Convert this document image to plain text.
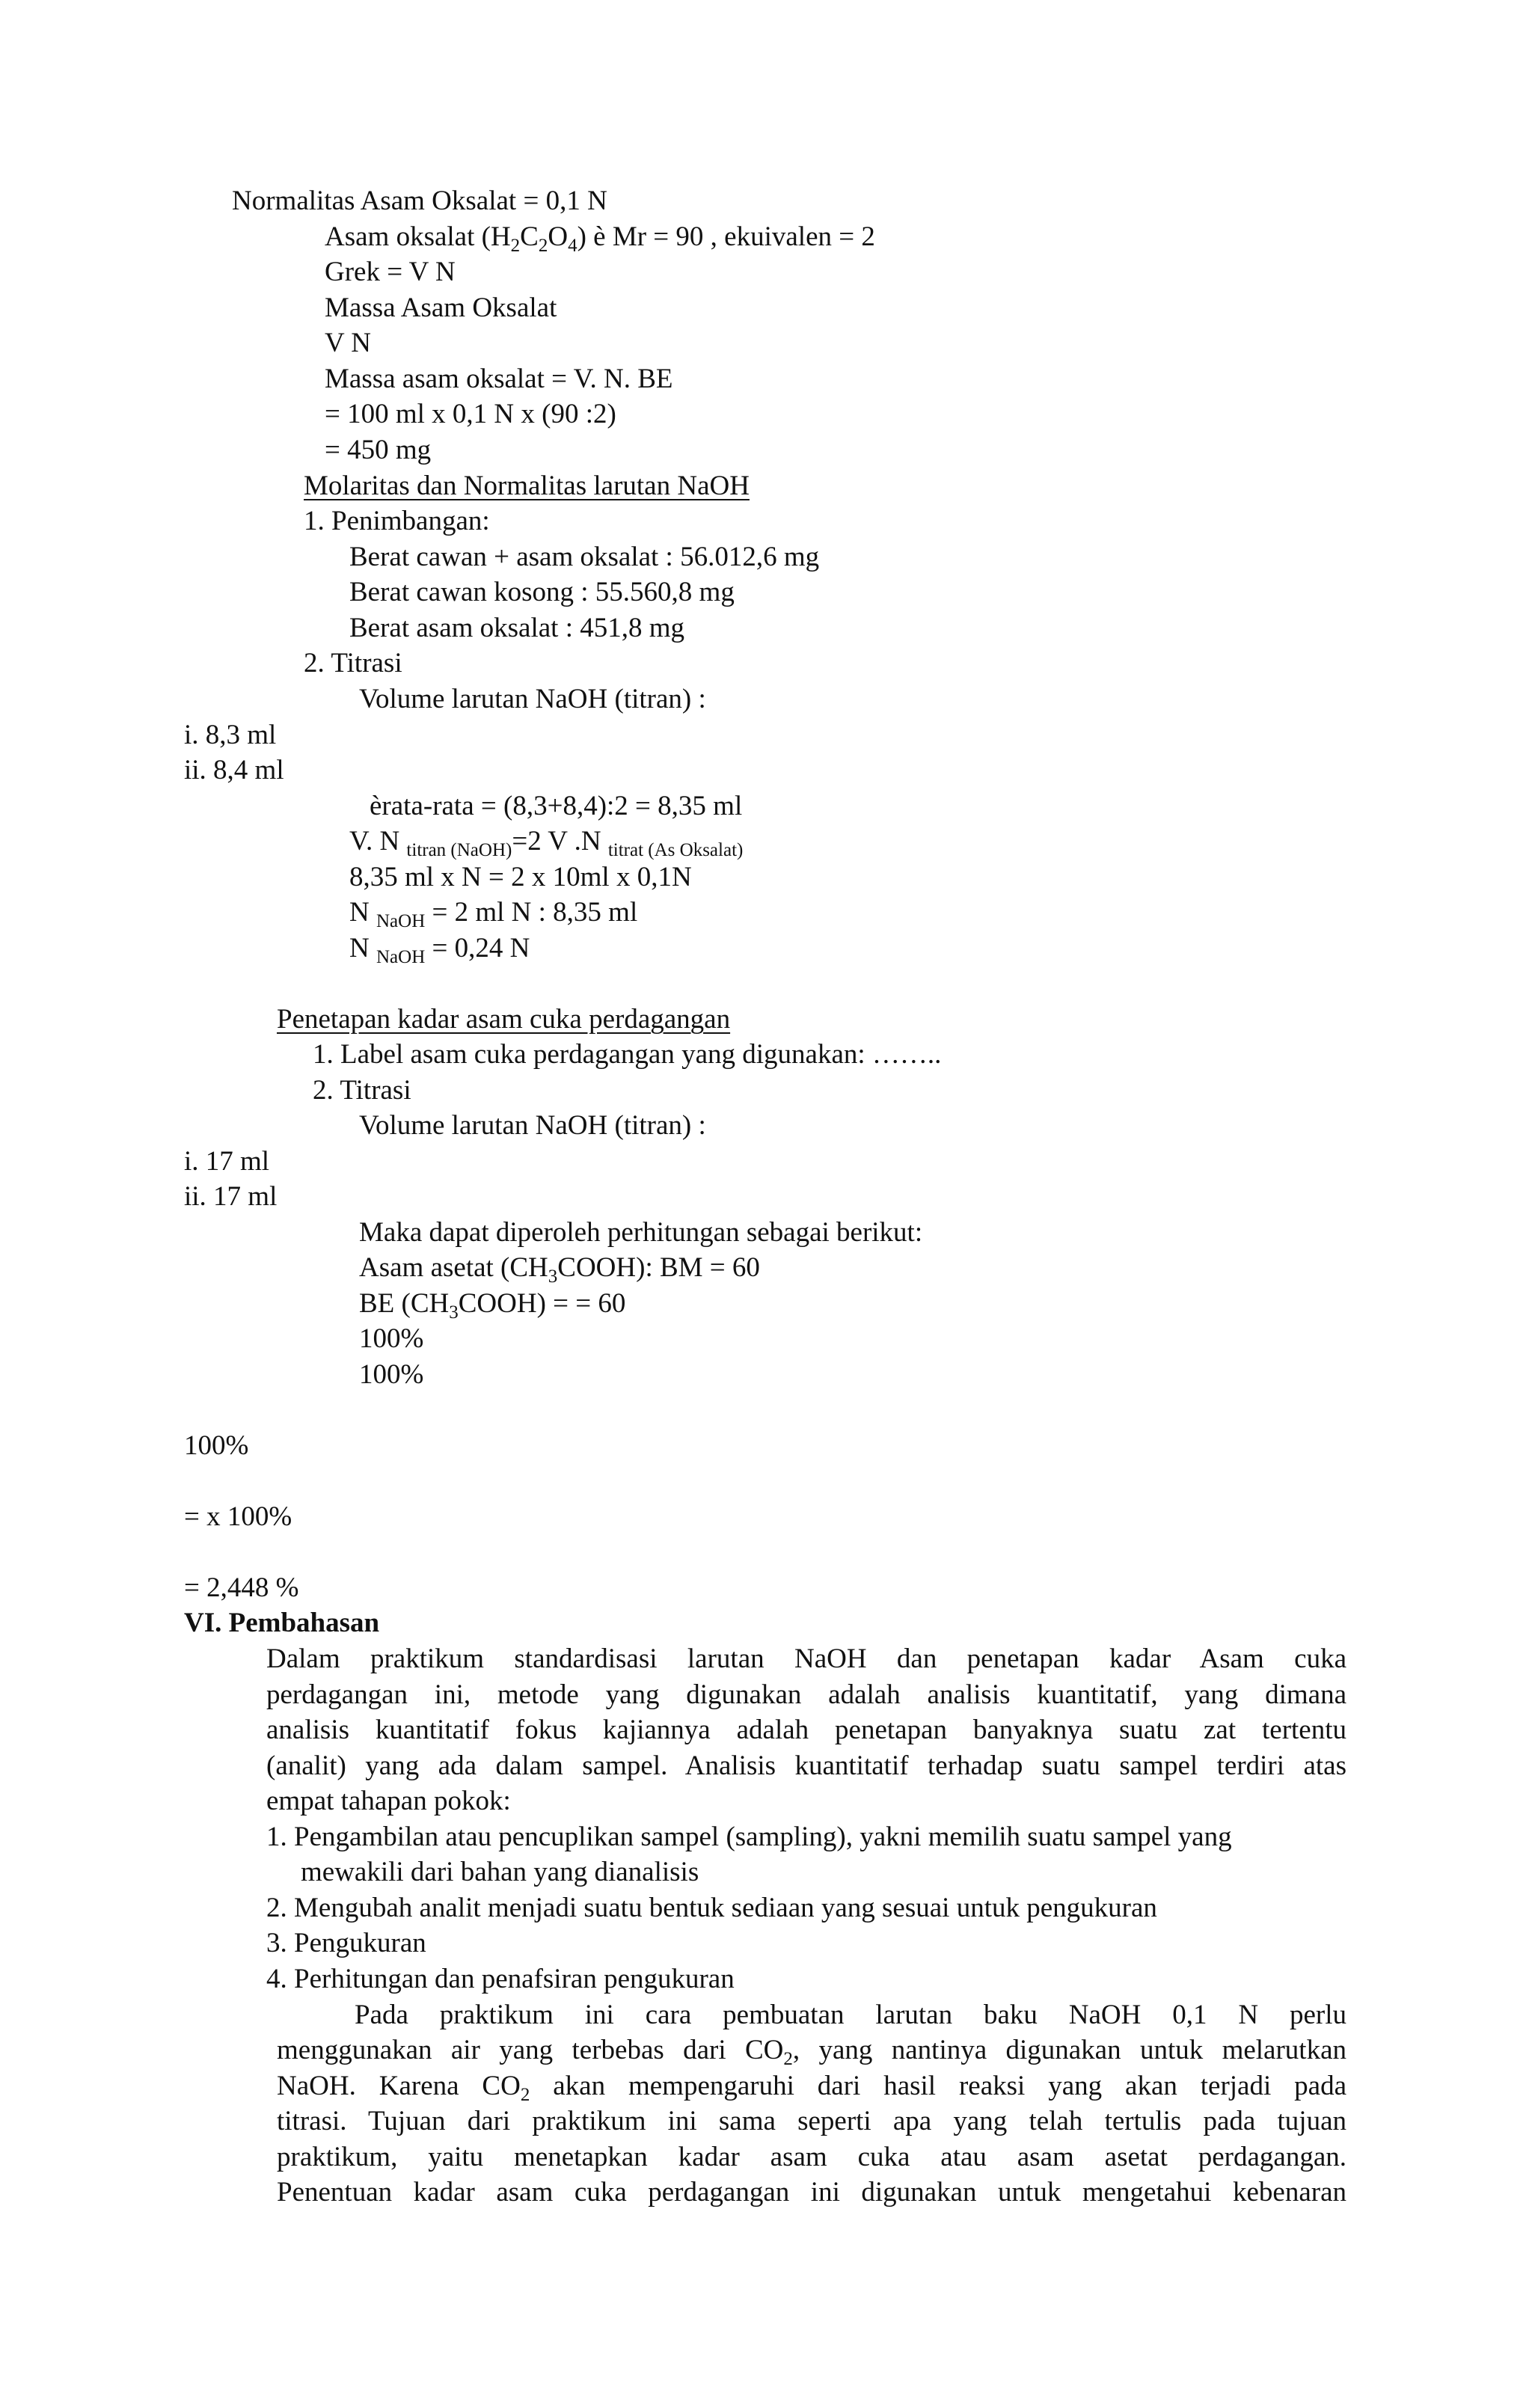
Normalitas Asam Oksalat = 0,1 N
Asam oksalat $(H_2C_2O_4)$ è Mr = 90 , ekuivalen = 2
Grek = V N
Massa Asam Oksalat
V N
Massa asam oksalat = V. N. BE
= 100 ml x 0,1 N x (90 :2)
= 450 mg
Molaritas dan Normalitas larutan NaOH
1. Penimbangan:
Berat cawan + asam oksalat : 56.012,6 mg
Berat cawan kosong : 55.560,8 mg
Berat asam oksalat : 451,8 mg
2. Titrasi
Volume larutan NaOH (titran) :
i. 8,3 ml
ii. 8,4 ml
èrata-rata = (8,3+8,4):2 = 8,35 ml
V. N $_{titran (NaOH)}$=2 V .N $_{titrat (As Oksalat)}$
8,35 ml x N = 2 x 10ml x 0,1N
N $_{NaOH}$ = 2 ml N : 8,35 ml
N $_{NaOH}$ = 0,24 N
Penetapan kadar asam cuka perdagangan
1. Label asam cuka perdagangan yang digunakan: ……..
2. Titrasi
Volume larutan NaOH (titran) :
i. 17 ml
ii. 17 ml
Maka dapat diperoleh perhitungan sebagai berikut:
Asam asetat $(CH_3COOH)$: BM = 60
BE $(CH_3COOH)$ = = 60
100%
100%
100%
= x 100%
= 2,448 %
VI. Pembahasan
Dalam praktikum standardisasi larutan NaOH dan penetapan kadar Asam cuka
perdagangan ini, metode yang digunakan adalah analisis kuantitatif, yang dimana
analisis kuantitatif fokus kajiannya adalah penetapan banyaknya suatu zat tertentu
(analit) yang ada dalam sampel. Analisis kuantitatif terhadap suatu sampel terdiri atas
empat tahapan pokok:
1. Pengambilan atau pencuplikan sampel (sampling), yakni memilih suatu sampel yang
mewakili dari bahan yang dianalisis
2. Mengubah analit menjadi suatu bentuk sediaan yang sesuai untuk pengukuran
3. Pengukuran
4. Perhitungan dan penafsiran pengukuran
Pada praktikum ini cara pembuatan larutan baku NaOH 0,1 N perlu
menggunakan air yang terbebas dari $CO_2$, yang nantinya digunakan untuk melarutkan
NaOH. Karena $CO_2$ akan mempengaruhi dari hasil reaksi yang akan terjadi pada
titrasi. Tujuan dari praktikum ini sama seperti apa yang telah tertulis pada tujuan
praktikum, yaitu menetapkan kadar asam cuka atau asam asetat perdagangan.
Penentuan kadar asam cuka perdagangan ini digunakan untuk mengetahui kebenaran
